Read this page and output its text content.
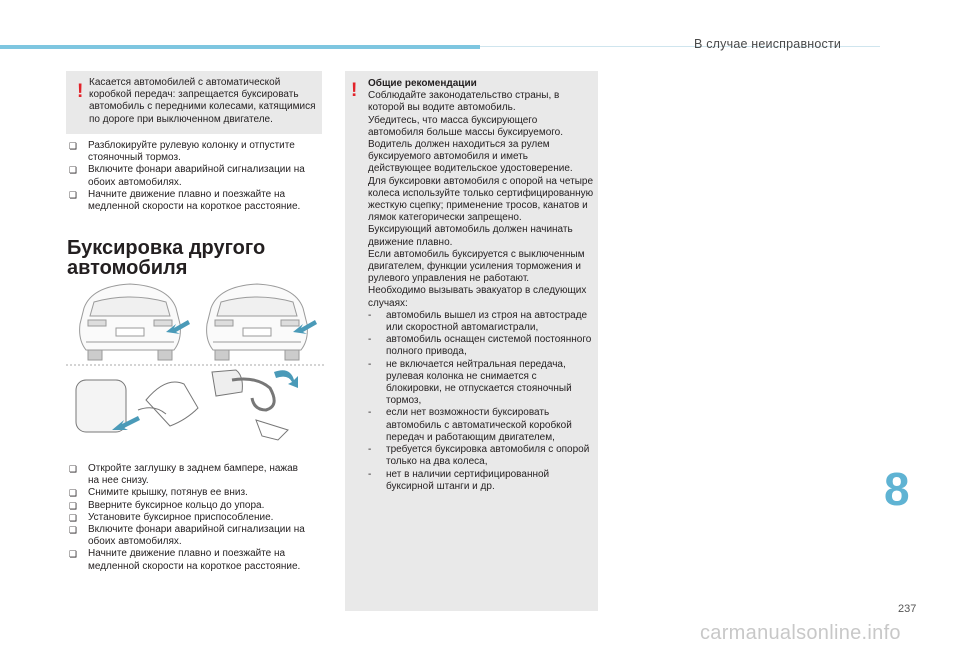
В случае неисправности
! Касается автомобилей с автоматической коробкой передач: запрещается буксировать автомобиль с передними колесами, катящимися по дороге при выключенном двигателе.
❏ Разблокируйте рулевую колонку и отпустите стояночный тормоз.
❏ Включите фонари аварийной сигнализации на обоих автомобилях.
❏ Начните движение плавно и поезжайте на медленной скорости на короткое расстояние.
Буксировка другого
автомобиля
❏ Откройте заглушку в заднем бампере, нажав на нее снизу.
❏ Снимите крышку, потянув ее вниз.
❏ Вверните буксирное кольцо до упора.
❏ Установите буксирное приспособление.
❏ Включите фонари аварийной сигнализации на обоих автомобилях.
❏ Начните движение плавно и поезжайте на медленной скорости на короткое расстояние.
! Общие рекомендации

Соблюдайте законодательство страны, в которой вы водите автомобиль.

Убедитесь, что масса буксирующего автомобиля больше массы буксируемого.

Водитель должен находиться за рулем буксируемого автомобиля и иметь действующее водительское удостоверение.

Для буксировки автомобиля с опорой на четыре колеса используйте только сертифицированную жесткую сцепку; применение тросов, канатов и лямок категорически запрещено.

Буксирующий автомобиль должен начинать движение плавно.

Если автомобиль буксируется с выключенным двигателем, функции усиления торможения и рулевого управления не работают.

Необходимо вызывать эвакуатор в следующих случаях:

- автомобиль вышел из строя на автостраде или скоростной автомагистрали,
- автомобиль оснащен системой постоянного полного привода,
- не включается нейтральная передача, рулевая колонка не снимается с блокировки, не отпускается стояночный тормоз,
- если нет возможности буксировать автомобиль с автоматической коробкой передач и работающим двигателем,
- требуется буксировка автомобиля с опорой только на два колеса,
- нет в наличии сертифицированной буксирной штанги и др.	8
237
carmanualsonline.info
